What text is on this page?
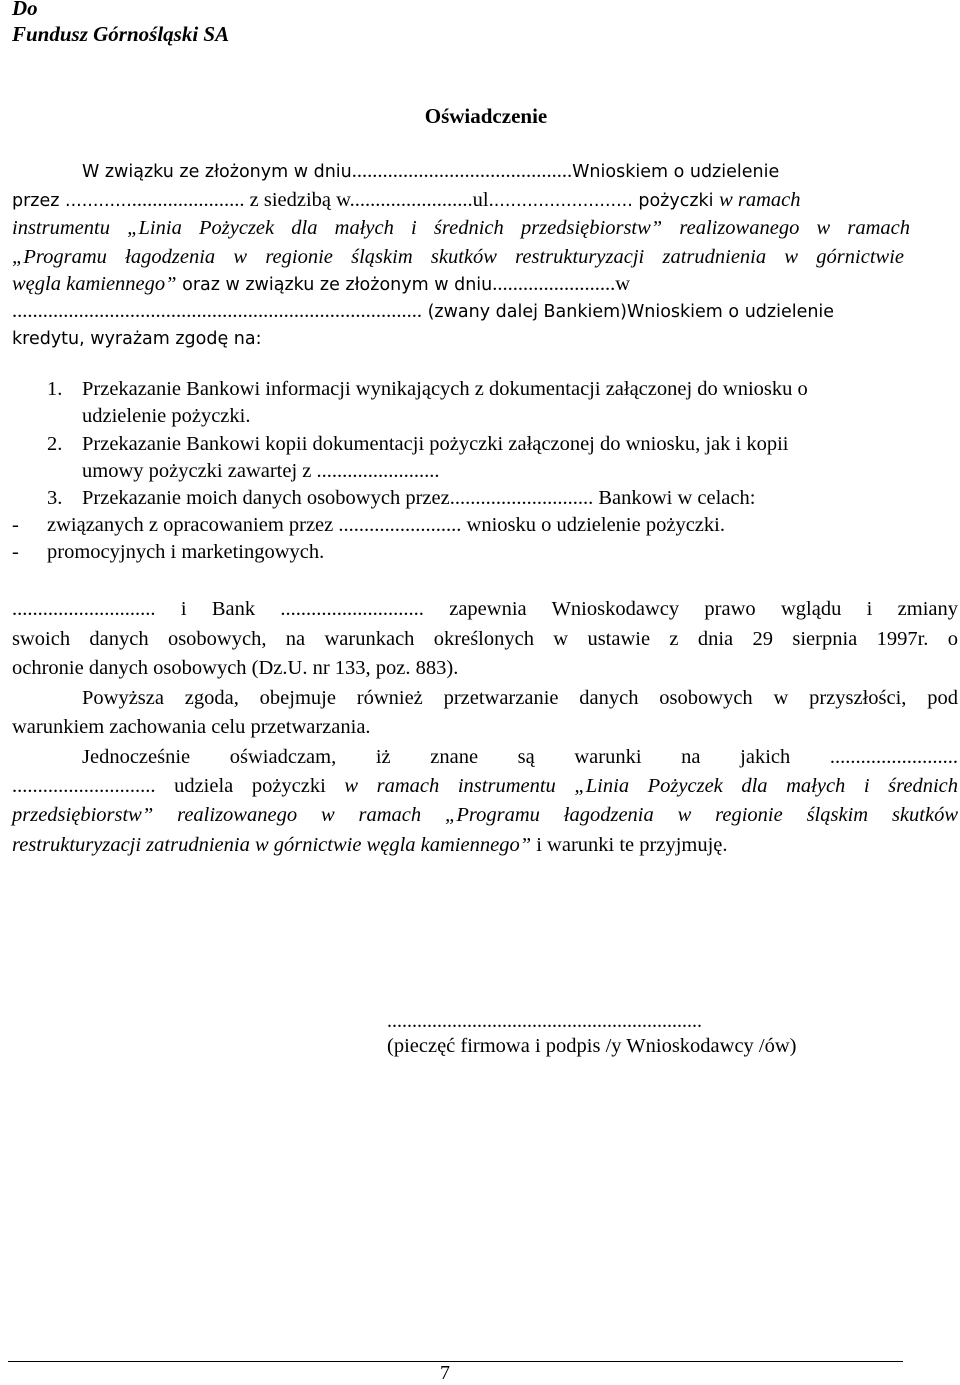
Do
Fundusz Górnośląski SA
Oświadczenie
W związku ze złożonym w dniu...........................................Wnioskiem o udzielenie
przez .................................. z siedzibą w........................ul.......................... pożyczki w ramach
instrumentu „Linia Pożyczek dla małych i średnich przedsiębiorstw” realizowanego w ramach
„Programu łagodzenia w regionie śląskim skutków restrukturyzacji zatrudnienia w górnictwie
węgla kamiennego” oraz w związku ze złożonym w dniu........................w
................................................................................ (zwany dalej Bankiem)Wnioskiem o udzielenie
kredytu, wyrażam zgodę na:
1. Przekazanie Bankowi informacji wynikających z dokumentacji załączonej do wniosku o
udzielenie pożyczki.
2. Przekazanie Bankowi kopii dokumentacji pożyczki załączonej do wniosku, jak i kopii
umowy pożyczki zawartej z ........................
3. Przekazanie moich danych osobowych przez............................ Bankowi w celach:
- związanych z opracowaniem przez ........................ wniosku o udzielenie pożyczki.
- promocyjnych i marketingowych.
............................ i Bank ............................ zapewnia Wnioskodawcy prawo wglądu i zmiany
swoich danych osobowych, na warunkach określonych w ustawie z dnia 29 sierpnia 1997r. o
ochronie danych osobowych (Dz.U. nr 133, poz. 883).
Powyższa zgoda, obejmuje również przetwarzanie danych osobowych w przyszłości, pod
warunkiem zachowania celu przetwarzania.
Jednocześnie oświadczam, iż znane są warunki na jakich .........................
............................ udziela pożyczki w ramach instrumentu „Linia Pożyczek dla małych i średnich
przedsiębiorstw” realizowanego w ramach „Programu łagodzenia w regionie śląskim skutków
restrukturyzacji zatrudnienia w górnictwie węgla kamiennego” i warunki te przyjmuję.
...............................................................
(pieczęć firmowa i podpis /y Wnioskodawcy /ów)
7
